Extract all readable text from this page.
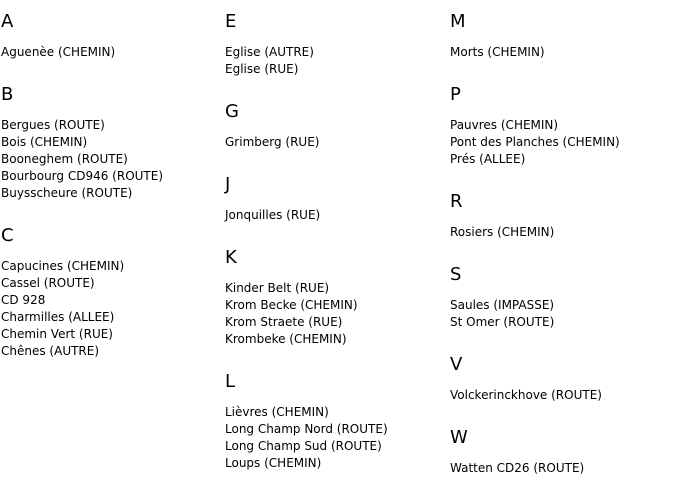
A
Aguenèe (CHEMIN)
B
Bergues (ROUTE)
Bois (CHEMIN)
Booneghem (ROUTE)
Bourbourg CD946 (ROUTE)
Buysscheure (ROUTE)
C
Capucines (CHEMIN)
Cassel (ROUTE)
CD 928
Charmilles (ALLEE)
Chemin Vert (RUE)
Chênes (AUTRE)
E
Eglise (AUTRE)
Eglise (RUE)
G
Grimberg (RUE)
J
Jonquilles (RUE)
K
Kinder Belt (RUE)
Krom Becke (CHEMIN)
Krom Straete (RUE)
Krombeke (CHEMIN)
L
Lièvres (CHEMIN)
Long Champ Nord (ROUTE)
Long Champ Sud (ROUTE)
Loups (CHEMIN)
M
Morts (CHEMIN)
P
Pauvres (CHEMIN)
Pont des Planches (CHEMIN)
Prés (ALLEE)
R
Rosiers (CHEMIN)
S
Saules (IMPASSE)
St Omer (ROUTE)
V
Volckerinckhove (ROUTE)
W
Watten CD26 (ROUTE)
